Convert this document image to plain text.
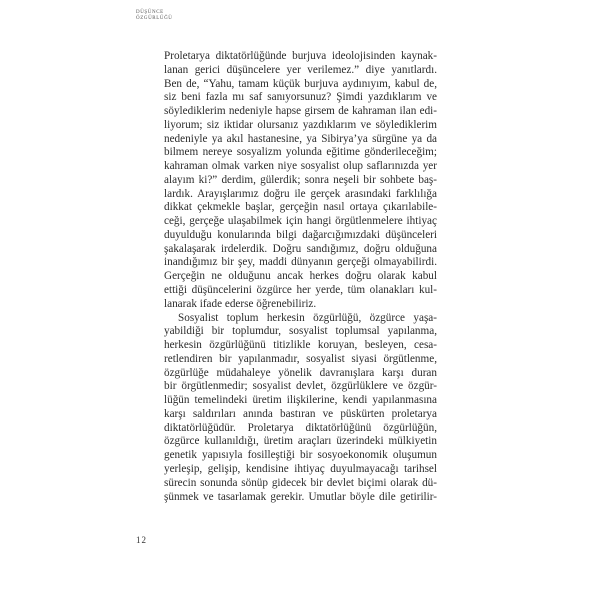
DÜŞÜNCE
ÖZGÜRLÜĞÜ
Proletarya diktatörlüğünde burjuva ideolojisinden kaynak-
lanan gerici düşüncelere yer verilemez.” diye yanıtlardı.
Ben de, “Yahu, tamam küçük burjuva aydınıyım, kabul de,
siz beni fazla mı saf sanıyorsunuz? Şimdi yazdıklarım ve
söylediklerim nedeniyle hapse girsem de kahraman ilan edi-
liyorum; siz iktidar olursanız yazdıklarım ve söylediklerim
nedeniyle ya akıl hastanesine, ya Sibirya’ya sürgüne ya da
bilmem nereye sosyalizm yolunda eğitime gönderileceğim;
kahraman olmak varken niye sosyalist olup saflarınızda yer
alayım ki?” derdim, gülerdik; sonra neşeli bir sohbete baş-
lardık. Arayışlarımız doğru ile gerçek arasındaki farklılığa
dikkat çekmekle başlar, gerçeğin nasıl ortaya çıkarılabile-
ceği, gerçeğe ulaşabilmek için hangi örgütlenmelere ihtiyaç
duyulduğu konularında bilgi dağarcığımızdaki düşünceleri
şakalaşarak irdelerdik. Doğru sandığımız, doğru olduğuna
inandığımız bir şey, maddi dünyanın gerçeği olmayabilirdi.
Gerçeğin ne olduğunu ancak herkes doğru olarak kabul
ettiği düşüncelerini özgürce her yerde, tüm olanakları kul-
lanarak ifade ederse öğrenebiliriz.
Sosyalist toplum herkesin özgürlüğü, özgürce yaşa-
yabildiği bir toplumdur, sosyalist toplumsal yapılanma,
herkesin özgürlüğünü titizlikle koruyan, besleyen, cesa-
retlendiren bir yapılanmadır, sosyalist siyasi örgütlenme,
özgürlüğe müdahaleye yönelik davranışlara karşı duran
bir örgütlenmedir; sosyalist devlet, özgürlüklere ve özgür-
lüğün temelindeki üretim ilişkilerine, kendi yapılanmasına
karşı saldırıları anında bastıran ve püskürten proletarya
diktatörlüğüdür. Proletarya diktatörlüğünü özgürlüğün,
özgürce kullanıldığı, üretim araçları üzerindeki mülkiyetin
genetik yapısıyla fosilleştiği bir sosyoekonomik oluşumun
yerleşip, gelişip, kendisine ihtiyaç duyulmayacağı tarihsel
sürecin sonunda sönüp gidecek bir devlet biçimi olarak dü-
şünmek ve tasarlamak gerekir. Umutlar böyle dile getirilir-
12
